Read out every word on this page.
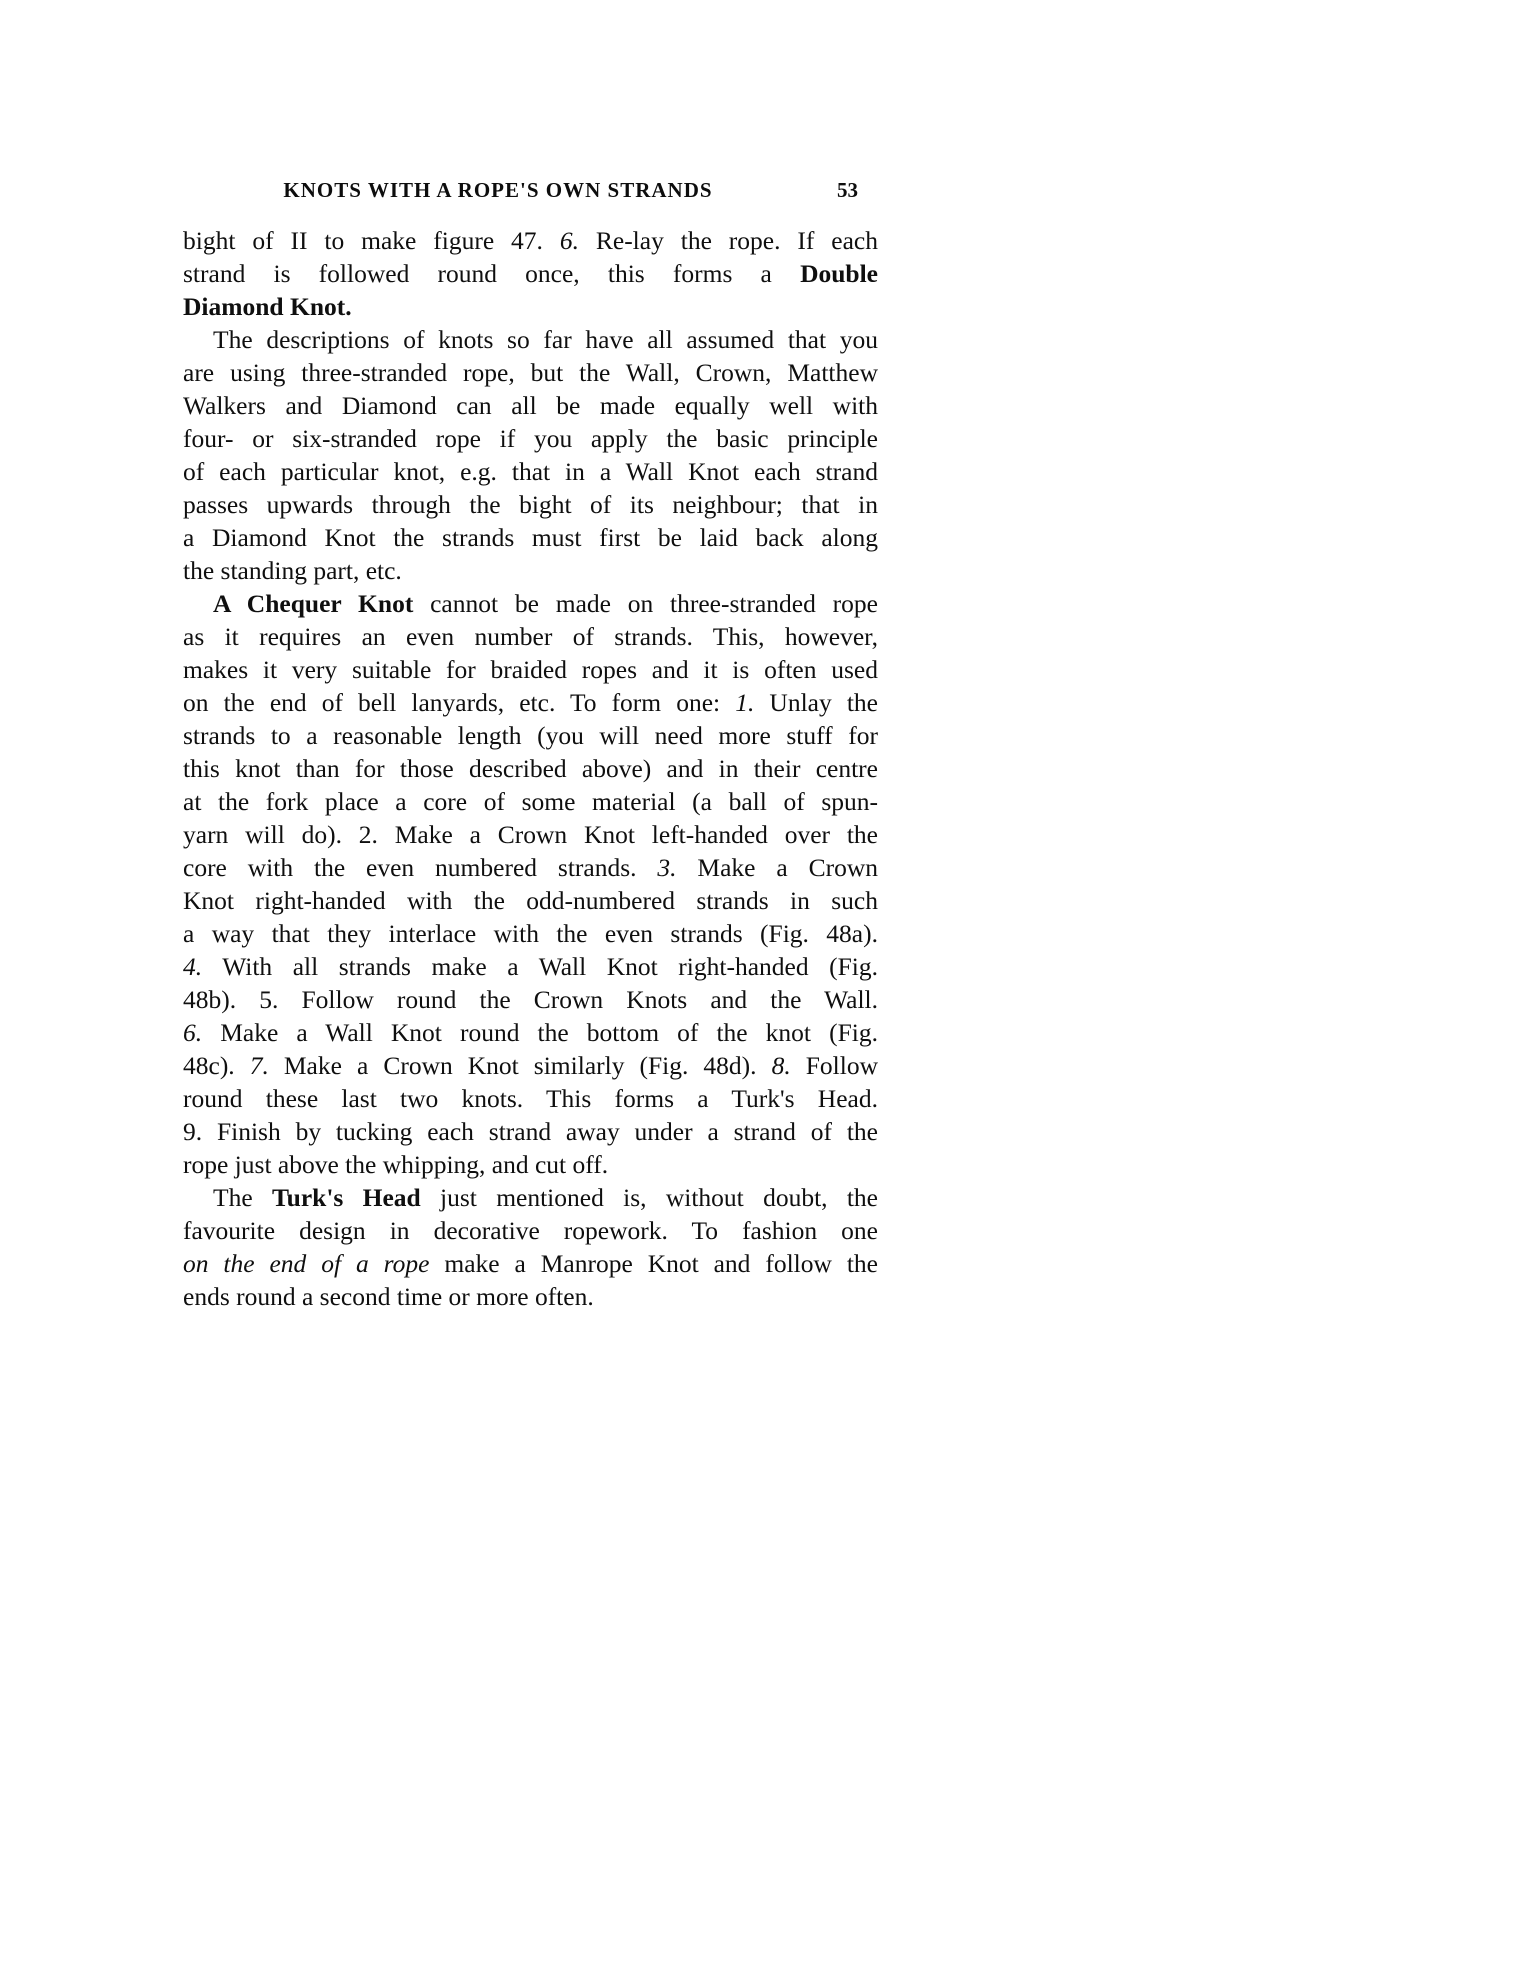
KNOTS WITH A ROPE'S OWN STRANDS	53
bight of II to make figure 47. 6. Re-lay the rope. If each
strand is followed round once, this forms a Double
Diamond Knot.
The descriptions of knots so far have all assumed that you
are using three-stranded rope, but the Wall, Crown, Matthew
Walkers and Diamond can all be made equally well with
four- or six-stranded rope if you apply the basic principle
of each particular knot, e.g. that in a Wall Knot each strand
passes upwards through the bight of its neighbour; that in
a Diamond Knot the strands must first be laid back along
the standing part, etc.
A Chequer Knot cannot be made on three-stranded rope
as it requires an even number of strands. This, however,
makes it very suitable for braided ropes and it is often used
on the end of bell lanyards, etc. To form one: 1. Unlay the
strands to a reasonable length (you will need more stuff for
this knot than for those described above) and in their centre
at the fork place a core of some material (a ball of spun-
yarn will do). 2. Make a Crown Knot left-handed over the
core with the even numbered strands. 3. Make a Crown
Knot right-handed with the odd-numbered strands in such
a way that they interlace with the even strands (Fig. 48a).
4. With all strands make a Wall Knot right-handed (Fig.
48b). 5. Follow round the Crown Knots and the Wall.
6. Make a Wall Knot round the bottom of the knot (Fig.
48c). 7. Make a Crown Knot similarly (Fig. 48d). 8. Follow
round these last two knots. This forms a Turk's Head.
9. Finish by tucking each strand away under a strand of the
rope just above the whipping, and cut off.
The Turk's Head just mentioned is, without doubt, the
favourite design in decorative ropework. To fashion one
on the end of a rope make a Manrope Knot and follow the
ends round a second time or more often.
